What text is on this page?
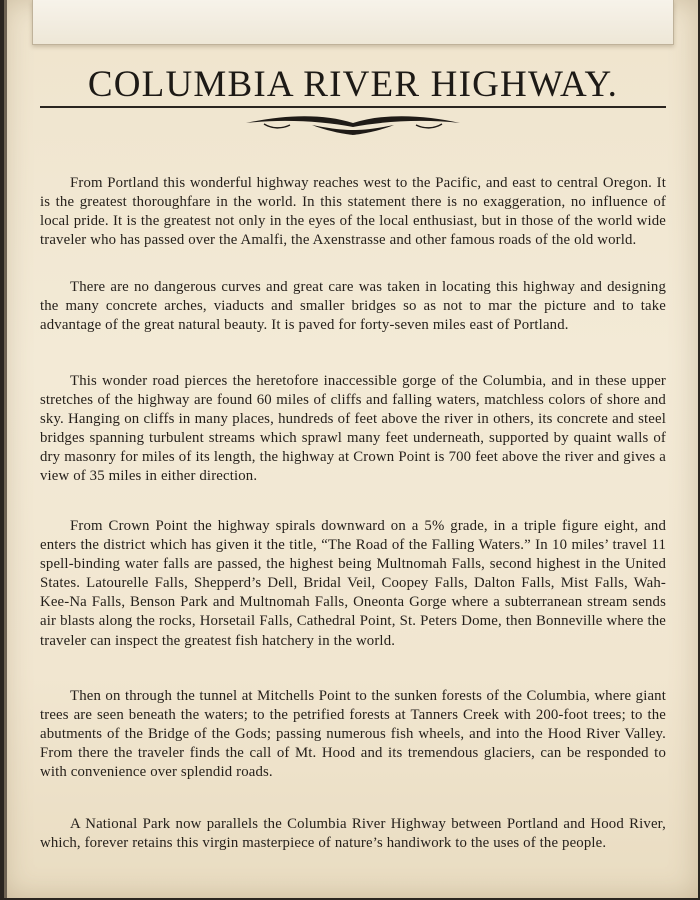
COLUMBIA RIVER HIGHWAY.

From Portland this wonderful highway reaches west to the Pacific, and east to central Oregon. It is the greatest thoroughfare in the world. In this statement there is no exaggeration, no influence of local pride. It is the greatest not only in the eyes of the local enthusiast, but in those of the world wide traveler who has passed over the Amalfi, the Axenstrasse and other famous roads of the old world.

There are no dangerous curves and great care was taken in locating this highway and designing the many concrete arches, viaducts and smaller bridges so as not to mar the picture and to take advantage of the great natural beauty. It is paved for forty-seven miles east of Portland.

This wonder road pierces the heretofore inaccessible gorge of the Columbia, and in these upper stretches of the highway are found 60 miles of cliffs and falling waters, matchless colors of shore and sky. Hanging on cliffs in many places, hundreds of feet above the river in others, its concrete and steel bridges spanning turbulent streams which sprawl many feet underneath, supported by quaint walls of dry masonry for miles of its length, the highway at Crown Point is 700 feet above the river and gives a view of 35 miles in either direction.

From Crown Point the highway spirals downward on a 5% grade, in a triple figure eight, and enters the district which has given it the title, “The Road of the Falling Waters.” In 10 miles’ travel 11 spell-binding water falls are passed, the highest being Multnomah Falls, second highest in the United States. Latourelle Falls, Shepperd’s Dell, Bridal Veil, Coopey Falls, Dalton Falls, Mist Falls, Wah-Kee-Na Falls, Benson Park and Multnomah Falls, Oneonta Gorge where a subterranean stream sends air blasts along the rocks, Horsetail Falls, Cathedral Point, St. Peters Dome, then Bonneville where the traveler can inspect the greatest fish hatchery in the world.

Then on through the tunnel at Mitchells Point to the sunken forests of the Columbia, where giant trees are seen beneath the waters; to the petrified forests at Tanners Creek with 200-foot trees; to the abutments of the Bridge of the Gods; passing numerous fish wheels, and into the Hood River Valley. From there the traveler finds the call of Mt. Hood and its tremendous glaciers, can be responded to with convenience over splendid roads.

A National Park now parallels the Columbia River Highway between Portland and Hood River, which, forever retains this virgin masterpiece of nature’s handiwork to the uses of the people.
